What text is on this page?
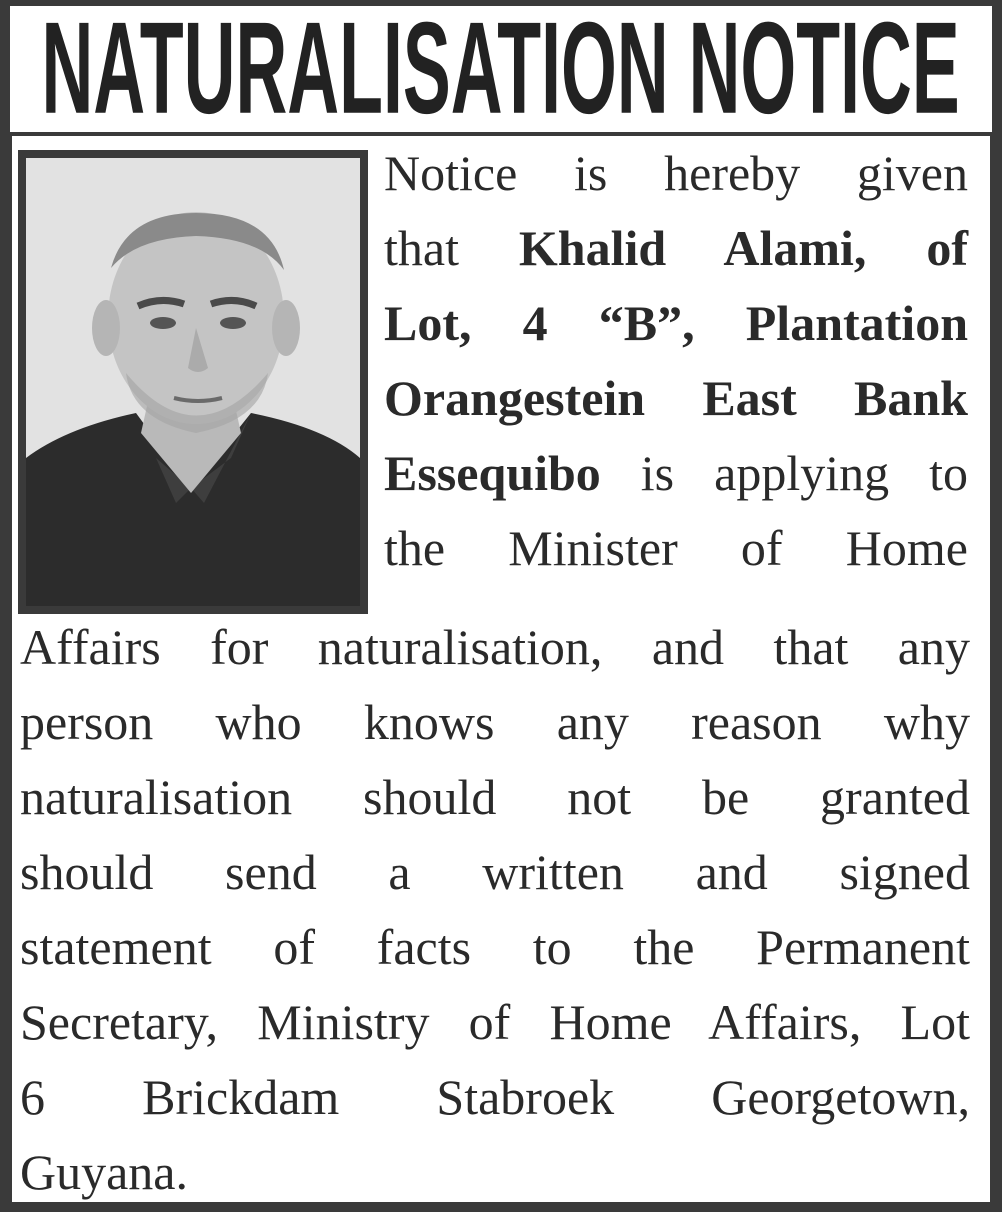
NATURALISATION NOTICE
Notice is hereby given
that Khalid Alami, of
Lot, 4 “B”, Plantation
Orangestein East Bank
Essequibo is applying to
the Minister of Home
Affairs for naturalisation, and that any
person who knows any reason why
naturalisation should not be granted
should send a written and signed
statement of facts to the Permanent
Secretary, Ministry of Home Affairs, Lot
6 Brickdam Stabroek Georgetown,
Guyana.
